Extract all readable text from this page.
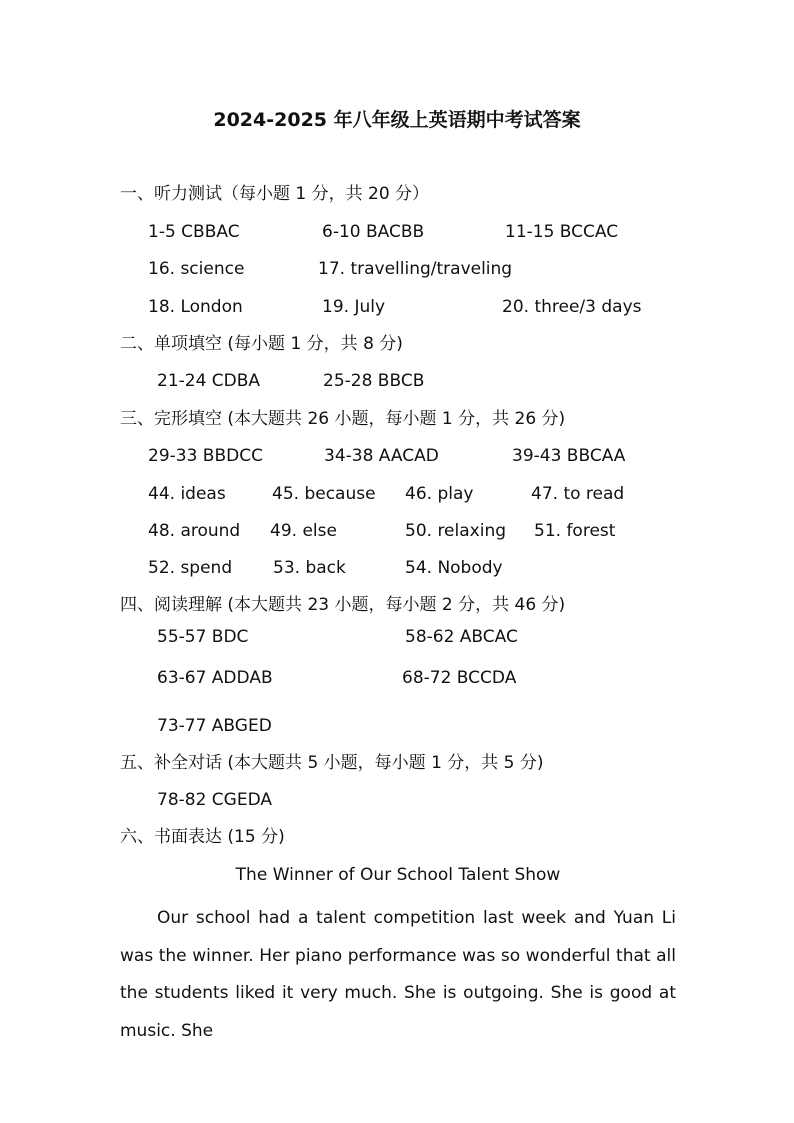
2024-2025 年八年级上英语期中考试答案
一、听力测试（每小题 1 分，共 20 分）
1-5 CBBAC	6-10 BACBB	11-15 BCCAC
16. science	17. travelling/traveling
18. London	19. July	20. three/3 days
二、单项填空 (每小题 1 分，共 8 分)
21-24 CDBA	25-28 BBCB
三、完形填空 (本大题共 26 小题，每小题 1 分，共 26 分)
29-33 BBDCC	34-38 AACAD	39-43 BBCAA
44. ideas	45. because 46. play	47. to read
48. around 49. else	50. relaxing 51. forest
52. spend 53. back	54. Nobody
四、阅读理解 (本大题共 23 小题，每小题 2 分，共 46 分)
55-57 BDC	58-62 ABCAC
63-67 ADDAB	68-72 BCCDA
73-77 ABGED
五、补全对话 (本大题共 5 小题，每小题 1 分，共 5 分)
78-82 CGEDA
六、书面表达 (15 分)
The Winner of Our School Talent Show
Our school had a talent competition last week and Yuan Li was the winner. Her piano performance was so wonderful that all the students liked it very much. She is outgoing. She is good at music. She
